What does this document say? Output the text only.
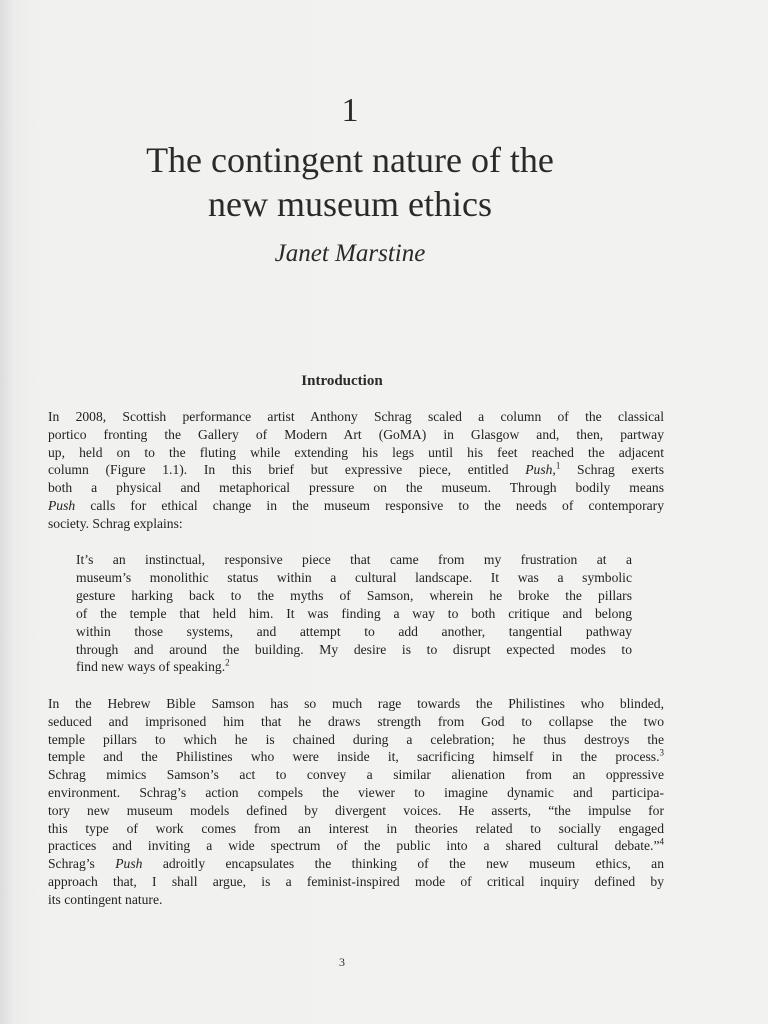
1
The contingent nature of the
new museum ethics
Janet Marstine
Introduction
In 2008, Scottish performance artist Anthony Schrag scaled a column of the classical
portico fronting the Gallery of Modern Art (GoMA) in Glasgow and, then, partway
up, held on to the fluting while extending his legs until his feet reached the adjacent
column (Figure 1.1). In this brief but expressive piece, entitled Push,$^1$ Schrag exerts
both a physical and metaphorical pressure on the museum. Through bodily means
Push calls for ethical change in the museum responsive to the needs of contemporary
society. Schrag explains:
It’s an instinctual, responsive piece that came from my frustration at a
museum’s monolithic status within a cultural landscape. It was a symbolic
gesture harking back to the myths of Samson, wherein he broke the pillars
of the temple that held him. It was finding a way to both critique and belong
within those systems, and attempt to add another, tangential pathway
through and around the building. My desire is to disrupt expected modes to
find new ways of speaking.$^2$
In the Hebrew Bible Samson has so much rage towards the Philistines who blinded,
seduced and imprisoned him that he draws strength from God to collapse the two
temple pillars to which he is chained during a celebration; he thus destroys the
temple and the Philistines who were inside it, sacrificing himself in the process.$^3$
Schrag mimics Samson’s act to convey a similar alienation from an oppressive
environment. Schrag’s action compels the viewer to imagine dynamic and participa-
tory new museum models defined by divergent voices. He asserts, “the impulse for
this type of work comes from an interest in theories related to socially engaged
practices and inviting a wide spectrum of the public into a shared cultural debate.”$^4$
Schrag’s Push adroitly encapsulates the thinking of the new museum ethics, an
approach that, I shall argue, is a feminist-inspired mode of critical inquiry defined by
its contingent nature.
3
